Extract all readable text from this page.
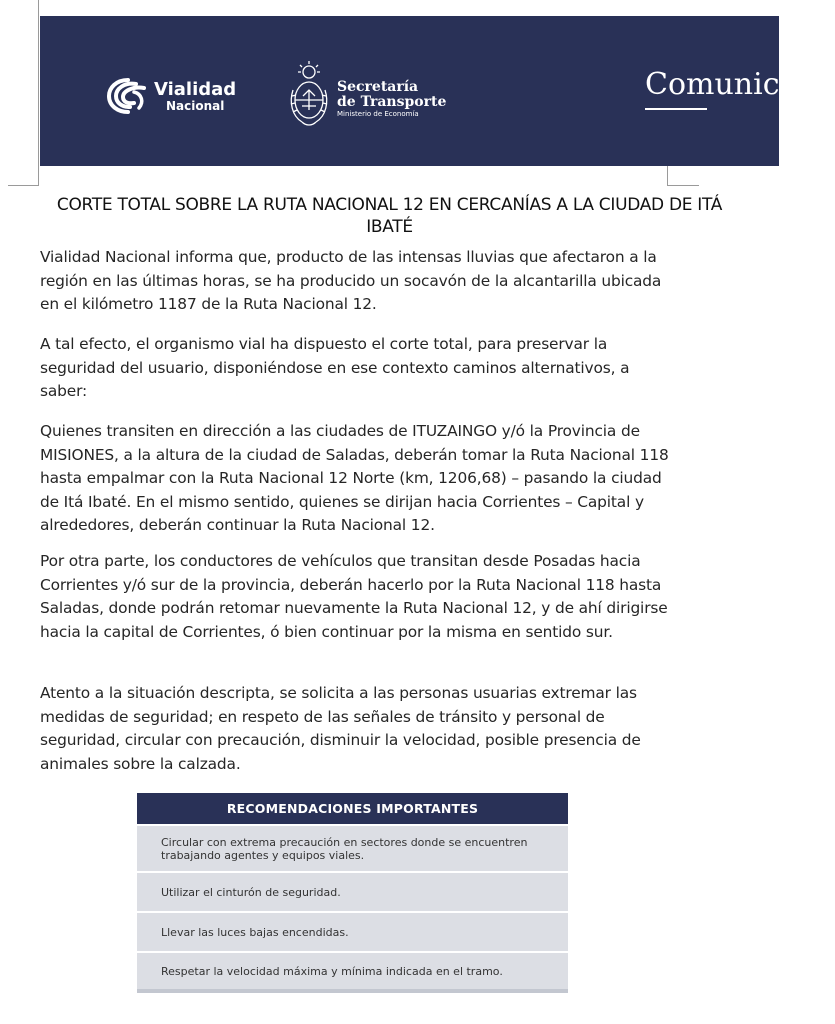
Vialidad
Nacional
Secretaría
de Transporte
Ministerio de Economía
Comunicado
CORTE TOTAL SOBRE LA RUTA NACIONAL 12 EN CERCANÍAS A LA CIUDAD DE ITÁ IBATÉ

Vialidad Nacional informa que, producto de las intensas lluvias que afectaron a la región en las últimas horas, se ha producido un socavón de la alcantarilla ubicada en el kilómetro 1187 de la Ruta Nacional 12.

A tal efecto, el organismo vial ha dispuesto el corte total, para preservar la seguridad del usuario, disponiéndose en ese contexto caminos alternativos, a saber:

Quienes transiten en dirección a las ciudades de ITUZAINGO y/ó la Provincia de MISIONES, a la altura de la ciudad de Saladas, deberán tomar la Ruta Nacional 118 hasta empalmar con la Ruta Nacional 12 Norte (km, 1206,68) – pasando la ciudad de Itá Ibaté. En el mismo sentido, quienes se dirijan hacia Corrientes – Capital y alrededores, deberán continuar la Ruta Nacional 12.

Por otra parte, los conductores de vehículos que transitan desde Posadas hacia Corrientes y/ó sur de la provincia, deberán hacerlo por la Ruta Nacional 118 hasta Saladas, donde podrán retomar nuevamente la Ruta Nacional 12, y de ahí dirigirse hacia la capital de Corrientes, ó bien continuar por la misma en sentido sur.

Atento a la situación descripta, se solicita a las personas usuarias extremar las medidas de seguridad; en respeto de las señales de tránsito y personal de seguridad, circular con precaución, disminuir la velocidad, posible presencia de animales sobre la calzada.

RECOMENDACIONES IMPORTANTES
Circular con extrema precaución en sectores donde se encuentren trabajando agentes y equipos viales.
Utilizar el cinturón de seguridad.
Llevar las luces bajas encendidas.
Respetar la velocidad máxima y mínima indicada en el tramo.
